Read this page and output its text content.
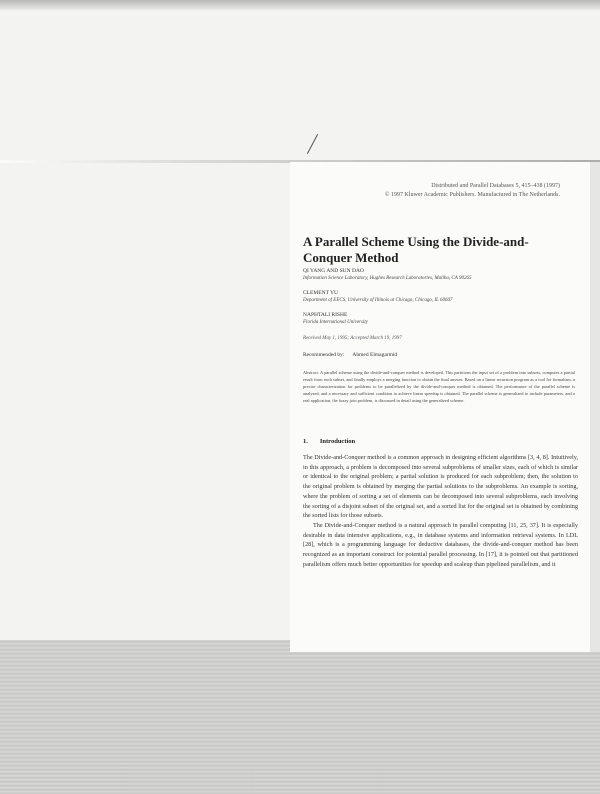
Distributed and Parallel Databases 5, 415–438 (1997)
© 1997 Kluwer Academic Publishers. Manufactured in The Netherlands.
A Parallel Scheme Using the Divide-and-Conquer Method
QI YANG AND SUN DAO
Information Science Laboratory, Hughes Research Laboratories, Malibu, CA 90265
CLEMENT YU
Department of EECS, University of Illinois at Chicago, Chicago, IL 60607
NAPHTALI RISHE
Florida International University
Received May 1, 1995; Accepted March 19, 1997
Recommended by: Ahmed Elmagarmid
Abstract. A parallel scheme using the divide-and-conquer method is developed. This partitions the input set of a problem into subsets, computes a partial result from each subset, and finally employs a merging function to obtain the final answer. Based on a linear recursion program as a tool for formalism, a precise characterization for problems to be parallelized by the divide-and-conquer method is obtained. The performance of the parallel scheme is analyzed, and a necessary and sufficient condition to achieve linear speedup is obtained. The parallel scheme is generalized to include parameters, and a real application, the fuzzy join problem, is discussed in detail using the generalized scheme.
1. Introduction

The Divide-and-Conquer method is a common approach in designing efficient algorithms [3, 4, 8]. Intuitively, in this approach, a problem is decomposed into several subproblems of smaller sizes, each of which is similar or identical to the original problem; a partial solution is produced for each subproblem; then, the solution to the original problem is obtained by merging the partial solutions to the subproblems. An example is sorting, where the problem of sorting a set of elements can be decomposed into several subproblems, each involving the sorting of a disjoint subset of the original set, and a sorted list for the original set is obtained by combining the sorted lists for those subsets.

The Divide-and-Conquer method is a natural approach in parallel computing [11, 25, 37]. It is especially desirable in data intensive applications, e.g., in database systems and information retrieval systems. In LDL [28], which is a programming language for deductive databases, the divide-and-conquer method has been recognized as an important construct for potential parallel processing. In [17], it is pointed out that partitioned parallelism offers much better opportunities for speedup and scaleup than pipelined parallelism, and it
